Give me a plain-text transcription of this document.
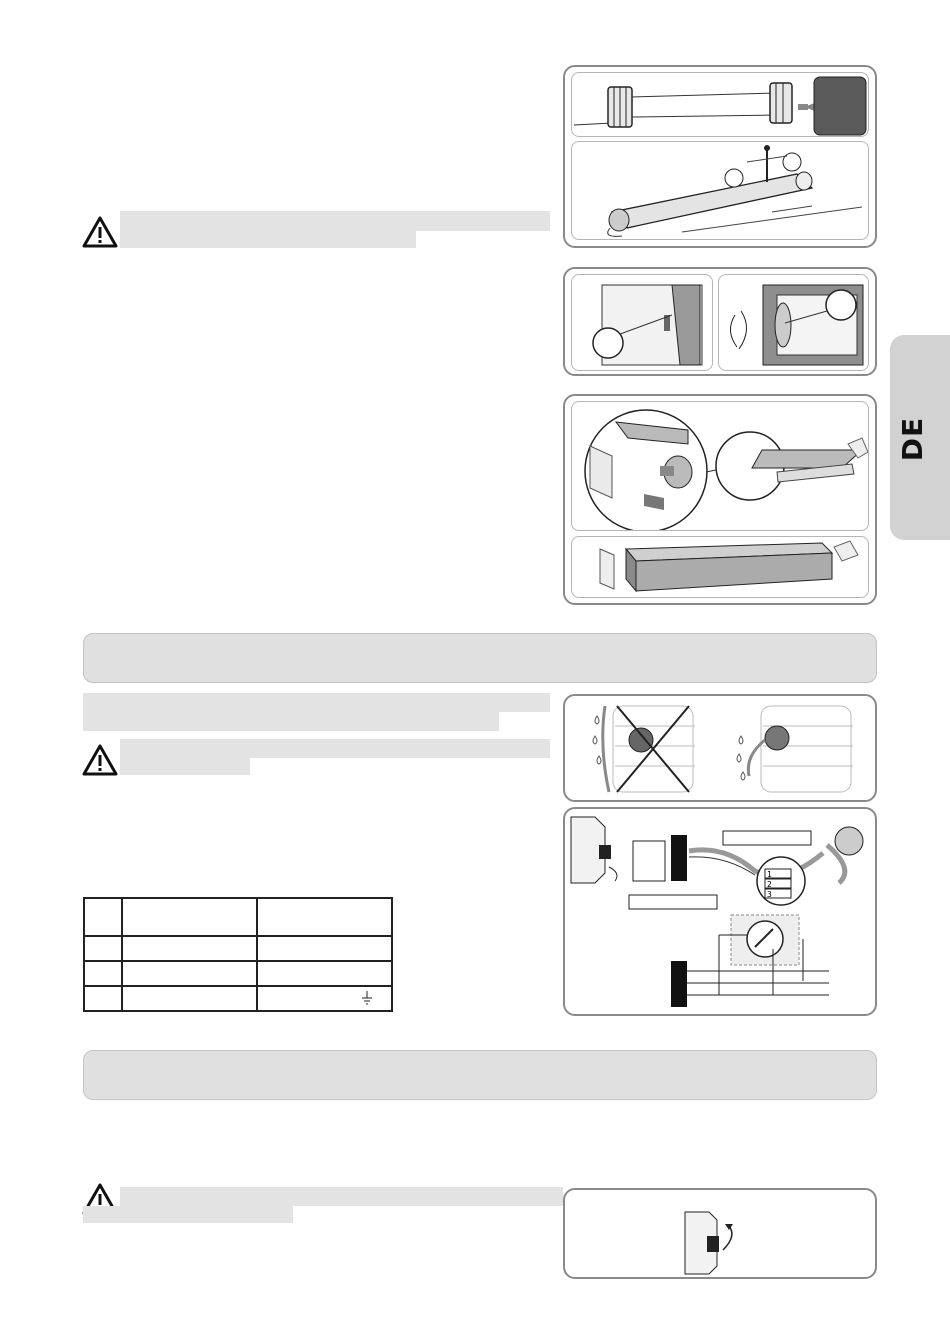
DE
1
2
3
